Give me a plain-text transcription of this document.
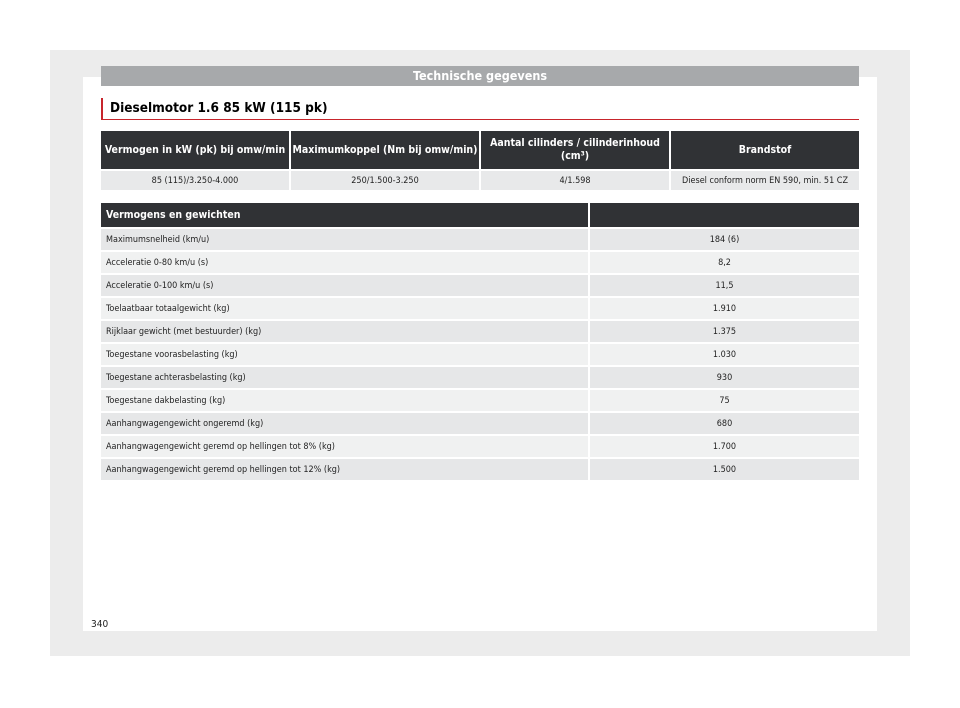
Technische gegevens
Dieselmotor 1.6 85 kW (115 pk)
Vermogen in kW (pk) bij omw/min	Maximumkoppel (Nm bij omw/min)	Aantal cilinders / cilinderinhoud (cm³)	Brandstof
85 (115)/3.250-4.000	250/1.500-3.250	4/1.598	Diesel conform norm EN 590, min. 51 CZ
Vermogens en gewichten	
Maximumsnelheid (km/u)	184 (6)
Acceleratie 0-80 km/u (s)	8,2
Acceleratie 0-100 km/u (s)	11,5
Toelaatbaar totaalgewicht (kg)	1.910
Rijklaar gewicht (met bestuurder) (kg)	1.375
Toegestane voorasbelasting (kg)	1.030
Toegestane achterasbelasting (kg)	930
Toegestane dakbelasting (kg)	75
Aanhangwagengewicht ongeremd (kg)	680
Aanhangwagengewicht geremd op hellingen tot 8% (kg)	1.700
Aanhangwagengewicht geremd op hellingen tot 12% (kg)	1.500
340
